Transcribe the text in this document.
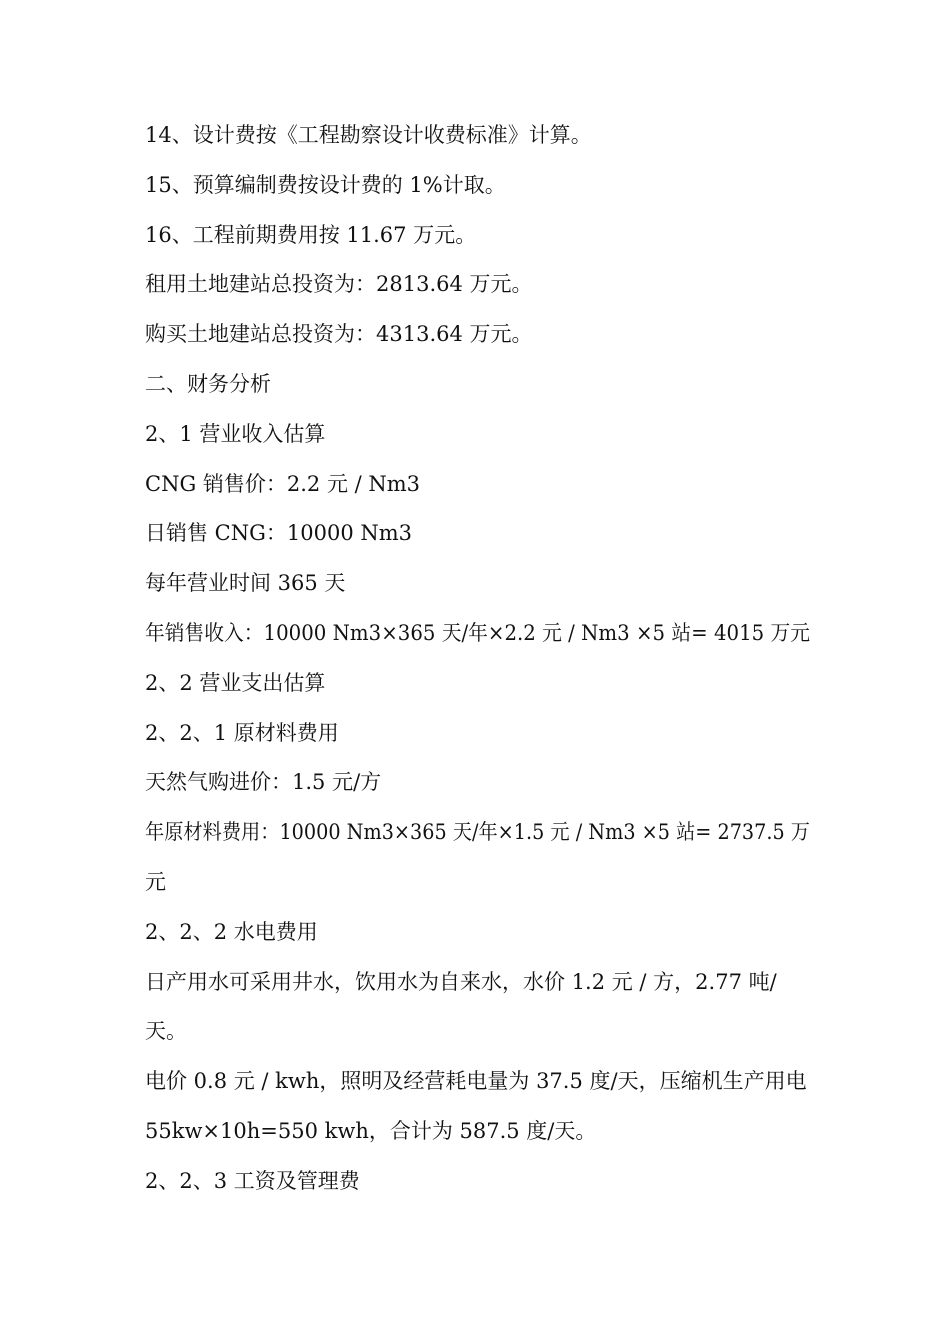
14、设计费按《工程勘察设计收费标准》计算。
15、预算编制费按设计费的 1%计取。
16、工程前期费用按 11.67 万元。
租用土地建站总投资为：2813.64 万元。
购买土地建站总投资为：4313.64 万元。
二、财务分析
2、1 营业收入估算
CNG 销售价：2.2 元 / Nm3
日销售 CNG：10000 Nm3
每年营业时间 365 天
年销售收入：10000 Nm3×365 天/年×2.2 元 / Nm3 ×5 站= 4015 万元
2、2 营业支出估算
2、2、1 原材料费用
天然气购进价：1.5 元/方
年原材料费用：10000 Nm3×365 天/年×1.5 元 / Nm3 ×5 站= 2737.5 万
元
2、2、2 水电费用
日产用水可采用井水，饮用水为自来水，水价 1.2 元 / 方，2.77 吨/
天。
电价 0.8 元 / kwh，照明及经营耗电量为 37.5 度/天，压缩机生产用电
55kw×10h=550 kwh，合计为 587.5 度/天。
2、2、3 工资及管理费
